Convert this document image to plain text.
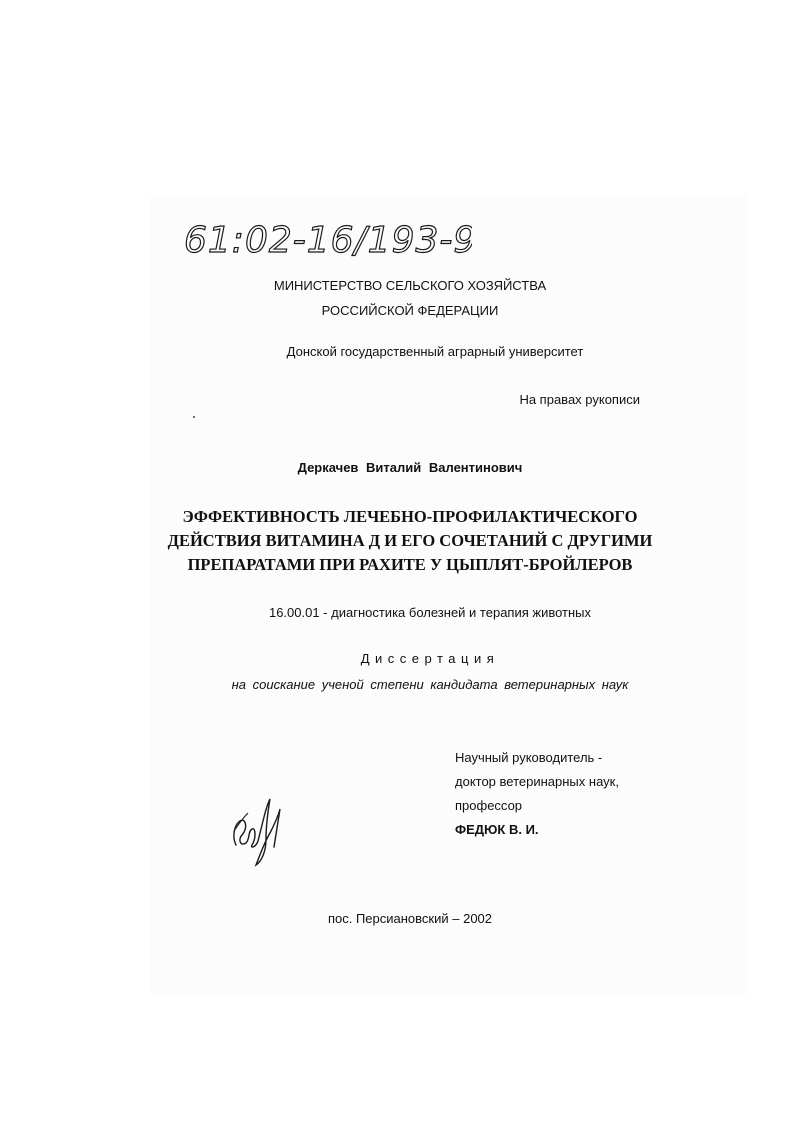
61:02-16/193-9
МИНИСТЕРСТВО СЕЛЬСКОГО ХОЗЯЙСТВА
РОССИЙСКОЙ ФЕДЕРАЦИИ
Донской государственный аграрный университет
На правах рукописи
Деркачев Виталий Валентинович
ЭФФЕКТИВНОСТЬ ЛЕЧЕБНО-ПРОФИЛАКТИЧЕСКОГО
ДЕЙСТВИЯ ВИТАМИНА Д И ЕГО СОЧЕТАНИЙ С ДРУГИМИ
ПРЕПАРАТАМИ ПРИ РАХИТЕ У ЦЫПЛЯТ-БРОЙЛЕРОВ
16.00.01 - диагностика болезней и терапия животных
Диссертация
на соискание ученой степени кандидата ветеринарных наук
Научный руководитель -
доктор ветеринарных наук,
профессор
ФЕДЮК В. И.
пос. Персиановский – 2002
